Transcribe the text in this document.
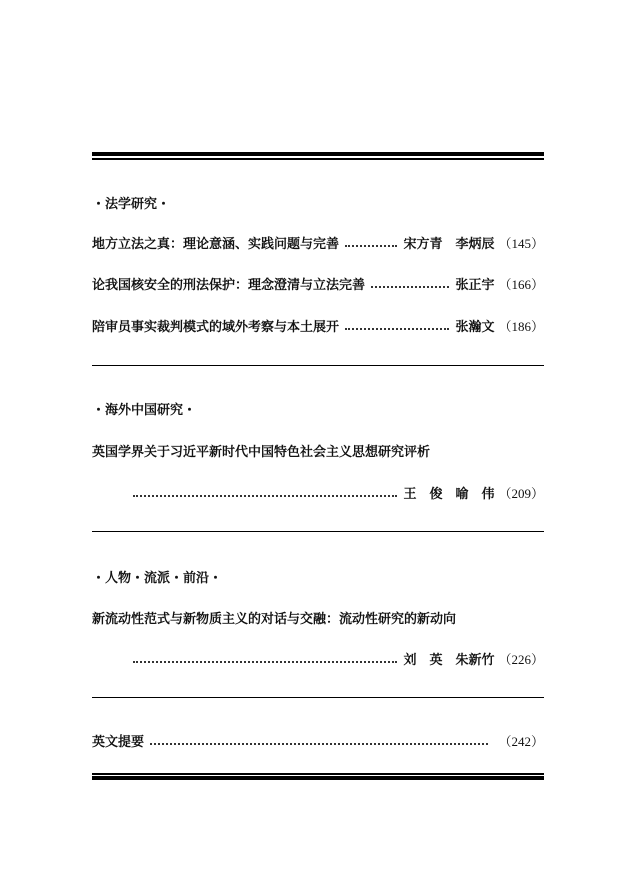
・法学研究・
地方立法之真：理论意涵、实践问题与完善	宋方青　李炳辰 （145）
论我国核安全的刑法保护：理念澄清与立法完善	张正宇 （166）
陪审员事实裁判模式的域外考察与本土展开	张瀚文 （186）
・海外中国研究・
英国学界关于习近平新时代中国特色社会主义思想研究评析
王　俊　喻　伟 （209）
・人物・流派・前沿・
新流动性范式与新物质主义的对话与交融：流动性研究的新动向
刘　英　朱新竹 （226）
英文提要	（242）
